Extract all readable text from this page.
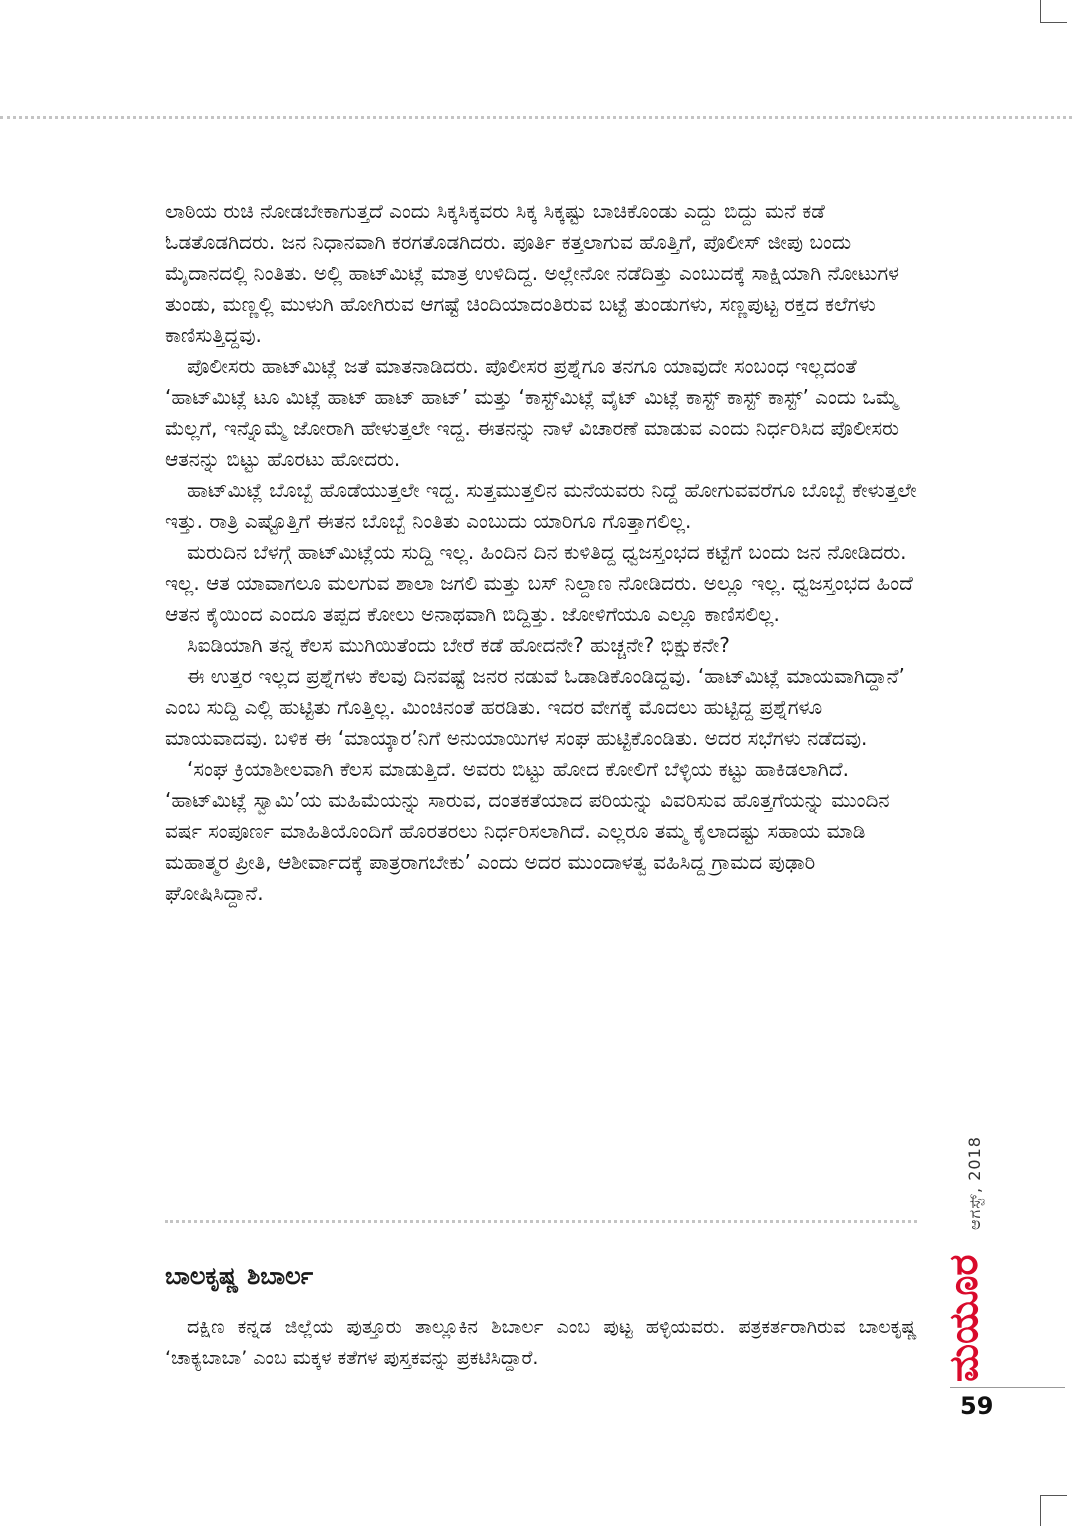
ಲಾಠಿಯ ರುಚಿ ನೋಡಬೇಕಾಗುತ್ತದೆ ಎಂದು ಸಿಕ್ಕಸಿಕ್ಕವರು ಸಿಕ್ಕ ಸಿಕ್ಕಷ್ಟು ಬಾಚಿಕೊಂಡು ಎದ್ದು ಬಿದ್ದು ಮನೆ ಕಡೆ ಓಡತೊಡಗಿದರು. ಜನ ನಿಧಾನವಾಗಿ ಕರಗತೊಡಗಿದರು. ಪೂರ್ತಿ ಕತ್ತಲಾಗುವ ಹೊತ್ತಿಗೆ, ಪೊಲೀಸ್ ಜೀಪು ಬಂದು ಮೈದಾನದಲ್ಲಿ ನಿಂತಿತು. ಅಲ್ಲಿ ಹಾಟ್‌ಮಿಟ್ಲೆ ಮಾತ್ರ ಉಳಿದಿದ್ದ. ಅಲ್ಲೇನೋ ನಡೆದಿತ್ತು ಎಂಬುದಕ್ಕೆ ಸಾಕ್ಷಿಯಾಗಿ ನೋಟುಗಳ ತುಂಡು, ಮಣ್ಣಲ್ಲಿ ಮುಳುಗಿ ಹೋಗಿರುವ ಆಗಷ್ಟೆ ಚಿಂದಿಯಾದಂತಿರುವ ಬಟ್ಟೆ ತುಂಡುಗಳು, ಸಣ್ಣಪುಟ್ಟ ರಕ್ತದ ಕಲೆಗಳು ಕಾಣಿಸುತ್ತಿದ್ದವು.

ಪೊಲೀಸರು ಹಾಟ್‌ಮಿಟ್ಲೆ ಜತೆ ಮಾತನಾಡಿದರು. ಪೊಲೀಸರ ಪ್ರಶ್ನೆಗೂ ತನಗೂ ಯಾವುದೇ ಸಂಬಂಧ ಇಲ್ಲದಂತೆ ‘ಹಾಟ್‌ಮಿಟ್ಲೆ ಟೂ ಮಿಟ್ಲೆ ಹಾಟ್ ಹಾಟ್ ಹಾಟ್’ ಮತ್ತು ‘ಕಾಸ್ಟ್‌ಮಿಟ್ಲೆ ವೈಟ್ ಮಿಟ್ಲೆ ಕಾಸ್ಟ್ ಕಾಸ್ಟ್ ಕಾಸ್ಟ್’ ಎಂದು ಒಮ್ಮೆ ಮೆಲ್ಲಗೆ, ಇನ್ನೊಮ್ಮೆ ಜೋರಾಗಿ ಹೇಳುತ್ತಲೇ ಇದ್ದ. ಈತನನ್ನು ನಾಳೆ ವಿಚಾರಣೆ ಮಾಡುವ ಎಂದು ನಿರ್ಧರಿಸಿದ ಪೊಲೀಸರು ಆತನನ್ನು ಬಿಟ್ಟು ಹೊರಟು ಹೋದರು.

ಹಾಟ್‌ಮಿಟ್ಲೆ ಬೊಬ್ಬೆ ಹೊಡೆಯುತ್ತಲೇ ಇದ್ದ. ಸುತ್ತಮುತ್ತಲಿನ ಮನೆಯವರು ನಿದ್ದೆ ಹೋಗುವವರೆಗೂ ಬೊಬ್ಬೆ ಕೇಳುತ್ತಲೇ ಇತ್ತು. ರಾತ್ರಿ ಎಷ್ಟೊತ್ತಿಗೆ ಈತನ ಬೊಬ್ಬೆ ನಿಂತಿತು ಎಂಬುದು ಯಾರಿಗೂ ಗೊತ್ತಾಗಲಿಲ್ಲ.

ಮರುದಿನ ಬೆಳಗ್ಗೆ ಹಾಟ್‌ಮಿಟ್ಲೆಯ ಸುದ್ದಿ ಇಲ್ಲ. ಹಿಂದಿನ ದಿನ ಕುಳಿತಿದ್ದ ಧ್ವಜಸ್ತಂಭದ ಕಟ್ಟೆಗೆ ಬಂದು ಜನ ನೋಡಿದರು. ಇಲ್ಲ. ಆತ ಯಾವಾಗಲೂ ಮಲಗುವ ಶಾಲಾ ಜಗಲಿ ಮತ್ತು ಬಸ್ ನಿಲ್ದಾಣ ನೋಡಿದರು. ಅಲ್ಲೂ ಇಲ್ಲ. ಧ್ವಜಸ್ತಂಭದ ಹಿಂದೆ ಆತನ ಕೈಯಿಂದ ಎಂದೂ ತಪ್ಪದ ಕೋಲು ಅನಾಥವಾಗಿ ಬಿದ್ದಿತ್ತು. ಜೋಳಿಗೆಯೂ ಎಲ್ಲೂ ಕಾಣಿಸಲಿಲ್ಲ.

ಸಿಐಡಿಯಾಗಿ ತನ್ನ ಕೆಲಸ ಮುಗಿಯಿತೆಂದು ಬೇರೆ ಕಡೆ ಹೋದನೇ? ಹುಚ್ಚನೇ? ಭಿಕ್ಷುಕನೇ?

ಈ ಉತ್ತರ ಇಲ್ಲದ ಪ್ರಶ್ನೆಗಳು ಕೆಲವು ದಿನವಷ್ಟೆ ಜನರ ನಡುವೆ ಓಡಾಡಿಕೊಂಡಿದ್ದವು. ‘ಹಾಟ್‌ಮಿಟ್ಲೆ ಮಾಯವಾಗಿದ್ದಾನೆ’ ಎಂಬ ಸುದ್ದಿ ಎಲ್ಲಿ ಹುಟ್ಟಿತು ಗೊತ್ತಿಲ್ಲ. ಮಿಂಚಿನಂತೆ ಹರಡಿತು. ಇದರ ವೇಗಕ್ಕೆ ಮೊದಲು ಹುಟ್ಟಿದ್ದ ಪ್ರಶ್ನೆಗಳೂ ಮಾಯವಾದವು. ಬಳಿಕ ಈ ‘ಮಾಯ್ಕಾರ’ನಿಗೆ ಅನುಯಾಯಿಗಳ ಸಂಘ ಹುಟ್ಟಿಕೊಂಡಿತು. ಅದರ ಸಭೆಗಳು ನಡೆದವು.

‘ಸಂಘ ಕ್ರಿಯಾಶೀಲವಾಗಿ ಕೆಲಸ ಮಾಡುತ್ತಿದೆ. ಅವರು ಬಿಟ್ಟು ಹೋದ ಕೋಲಿಗೆ ಬೆಳ್ಳಿಯ ಕಟ್ಟು ಹಾಕಿಡಲಾಗಿದೆ. ‘ಹಾಟ್‌ಮಿಟ್ಲೆ ಸ್ವಾಮಿ’ಯ ಮಹಿಮೆಯನ್ನು ಸಾರುವ, ದಂತಕತೆಯಾದ ಪರಿಯನ್ನು ವಿವರಿಸುವ ಹೊತ್ತಗೆಯನ್ನು ಮುಂದಿನ ವರ್ಷ ಸಂಪೂರ್ಣ ಮಾಹಿತಿಯೊಂದಿಗೆ ಹೊರತರಲು ನಿರ್ಧರಿಸಲಾಗಿದೆ. ಎಲ್ಲರೂ ತಮ್ಮ ಕೈಲಾದಷ್ಟು ಸಹಾಯ ಮಾಡಿ ಮಹಾತ್ಮರ ಪ್ರೀತಿ, ಆಶೀರ್ವಾದಕ್ಕೆ ಪಾತ್ರರಾಗಬೇಕು’ ಎಂದು ಅದರ ಮುಂದಾಳತ್ವ ವಹಿಸಿದ್ದ ಗ್ರಾಮದ ಪುಢಾರಿ ಘೋಷಿಸಿದ್ದಾನೆ.

ಬಾಲಕೃಷ್ಣ ಶಿಬಾರ್ಲ

ದಕ್ಷಿಣ ಕನ್ನಡ ಜಿಲ್ಲೆಯ ಪುತ್ತೂರು ತಾಲ್ಲೂಕಿನ ಶಿಬಾರ್ಲ ಎಂಬ ಪುಟ್ಟ ಹಳ್ಳಿಯವರು. ಪತ್ರಕರ್ತರಾಗಿರುವ ಬಾಲಕೃಷ್ಣ ‘ಚಾಕ್ಯಬಾಬಾ’ ಎಂಬ ಮಕ್ಕಳ ಕತೆಗಳ ಪುಸ್ತಕವನ್ನು ಪ್ರಕಟಿಸಿದ್ದಾರೆ.

ಆಗಸ್ಟ್, 2018
ಮಯೂರ
59
